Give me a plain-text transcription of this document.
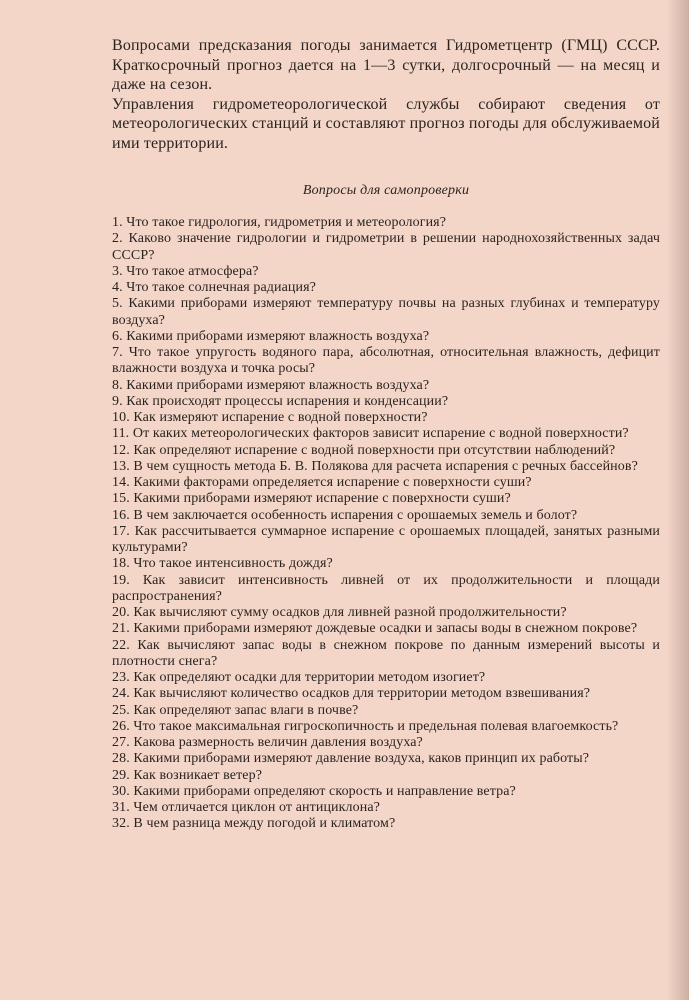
Вопросами предсказания погоды занимается Гидрометцентр (ГМЦ) СССР. Краткосрочный прогноз дается на 1—3 сутки, долгосрочный — на месяц и даже на сезон.

Управления гидрометеорологической службы собирают сведения от метеорологических станций и составляют прогноз погоды для обслуживаемой ими территории.

Вопросы для самопроверки

1. Что такое гидрология, гидрометрия и метеорология?

2. Каково значение гидрологии и гидрометрии в решении народнохозяйственных задач СССР?

3. Что такое атмосфера?

4. Что такое солнечная радиация?

5. Какими приборами измеряют температуру почвы на разных глубинах и температуру воздуха?

6. Какими приборами измеряют влажность воздуха?

7. Что такое упругость водяного пара, абсолютная, относительная влажность, дефицит влажности воздуха и точка росы?

8. Какими приборами измеряют влажность воздуха?

9. Как происходят процессы испарения и конденсации?

10. Как измеряют испарение с водной поверхности?

11. От каких метеорологических факторов зависит испарение с водной поверхности?

12. Как определяют испарение с водной поверхности при отсутствии наблюдений?

13. В чем сущность метода Б. В. Полякова для расчета испарения с речных бассейнов?

14. Какими факторами определяется испарение с поверхности суши?

15. Какими приборами измеряют испарение с поверхности суши?

16. В чем заключается особенность испарения с орошаемых земель и болот?

17. Как рассчитывается суммарное испарение с орошаемых площадей, занятых разными культурами?

18. Что такое интенсивность дождя?

19. Как зависит интенсивность ливней от их продолжительности и площади распространения?

20. Как вычисляют сумму осадков для ливней разной продолжительности?

21. Какими приборами измеряют дождевые осадки и запасы воды в снежном покрове?

22. Как вычисляют запас воды в снежном покрове по данным измерений высоты и плотности снега?

23. Как определяют осадки для территории методом изогиет?

24. Как вычисляют количество осадков для территории методом взвешивания?

25. Как определяют запас влаги в почве?

26. Что такое максимальная гигроскопичность и предельная полевая влагоемкость?

27. Какова размерность величин давления воздуха?

28. Какими приборами измеряют давление воздуха, каков принцип их работы?

29. Как возникает ветер?

30. Какими приборами определяют скорость и направление ветра?

31. Чем отличается циклон от антициклона?

32. В чем разница между погодой и климатом?
